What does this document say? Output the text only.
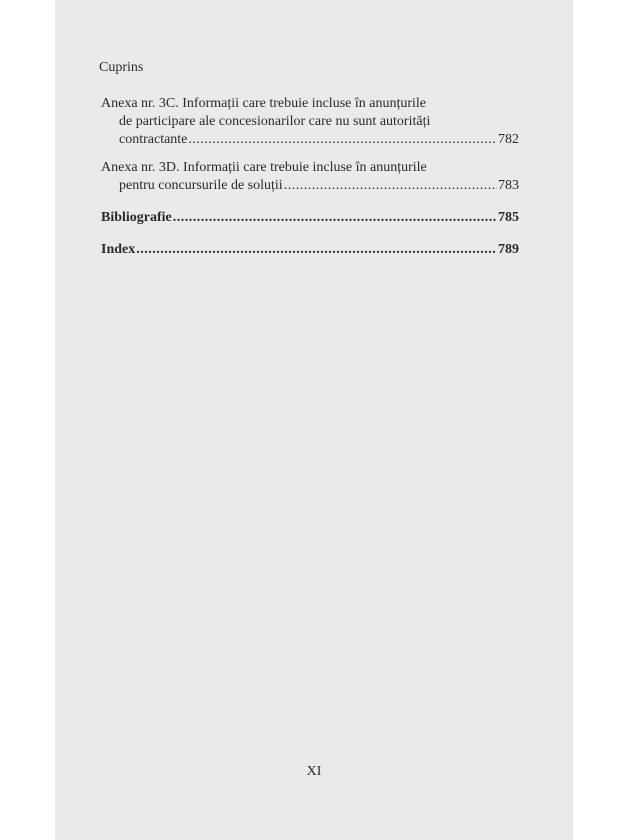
Cuprins
Anexa nr. 3C. Informații care trebuie incluse în anunțurile
de participare ale concesionarilor care nu sunt autorități
contractante .....	782
Anexa nr. 3D. Informații care trebuie incluse în anunțurile
pentru concursurile de soluții .....	783
Bibliografie .....	785
Index .....	789
XI
